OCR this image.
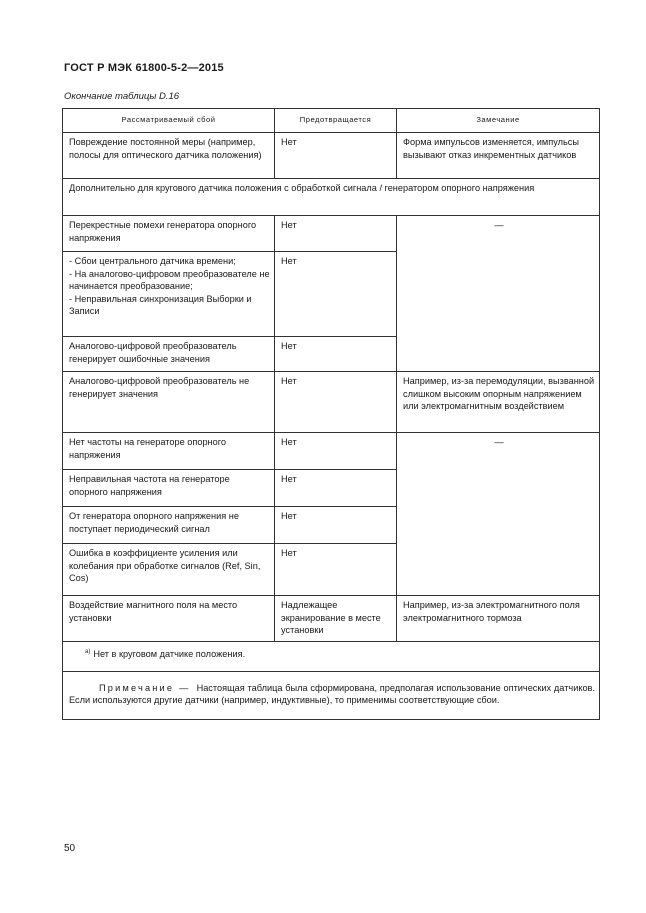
ГОСТ Р МЭК 61800-5-2—2015
Окончание таблицы D.16
Рассматриваемый сбой	Предотвращается	Замечание
Повреждение постоянной меры (например, полосы для оптического датчика положения)	Нет	Форма импульсов изменяется, импульсы вызывают отказ инкрементных датчиков
Дополнительно для кругового датчика положения с обработкой сигнала / генератором опорного напряжения		
Перекрестные помехи генератора опорного напряжения	Нет	—

- Сбои центрального датчика времени;
- На аналогово-цифровом преобразователе не начинается преобразование;
- Неправильная синхронизация Выборки и Записи	Нет	
Аналогово-цифровой преобразователь генерирует ошибочные значения	Нет	
Аналогово-цифровой преобразователь не генерирует значения	Нет	Например, из-за перемодуляции, вызванной слишком высоким опорным напряжением или электромагнитным воздействием
Нет частоты на генераторе опорного напряжения	Нет	—
Неправильная частота на генераторе опорного напряжения	Нет	
От генератора опорного напряжения не поступает периодический сигнал	Нет	
Ошибка в коэффициенте усиления или колебания при обработке сигналов (Ref, Sin, Cos)	Нет	
Воздействие магнитного поля на место установки	Надлежащее экранирование в месте установки	Например, из-за электромагнитного поля электромагнитного тормоза
$^{а)}$ Нет в круговом датчике положения.		
Примечание — Настоящая таблица была сформирована, предполагая использование оптических датчиков. Если используются другие датчики (например, индуктивные), то применимы соответствующие сбои.		
50
